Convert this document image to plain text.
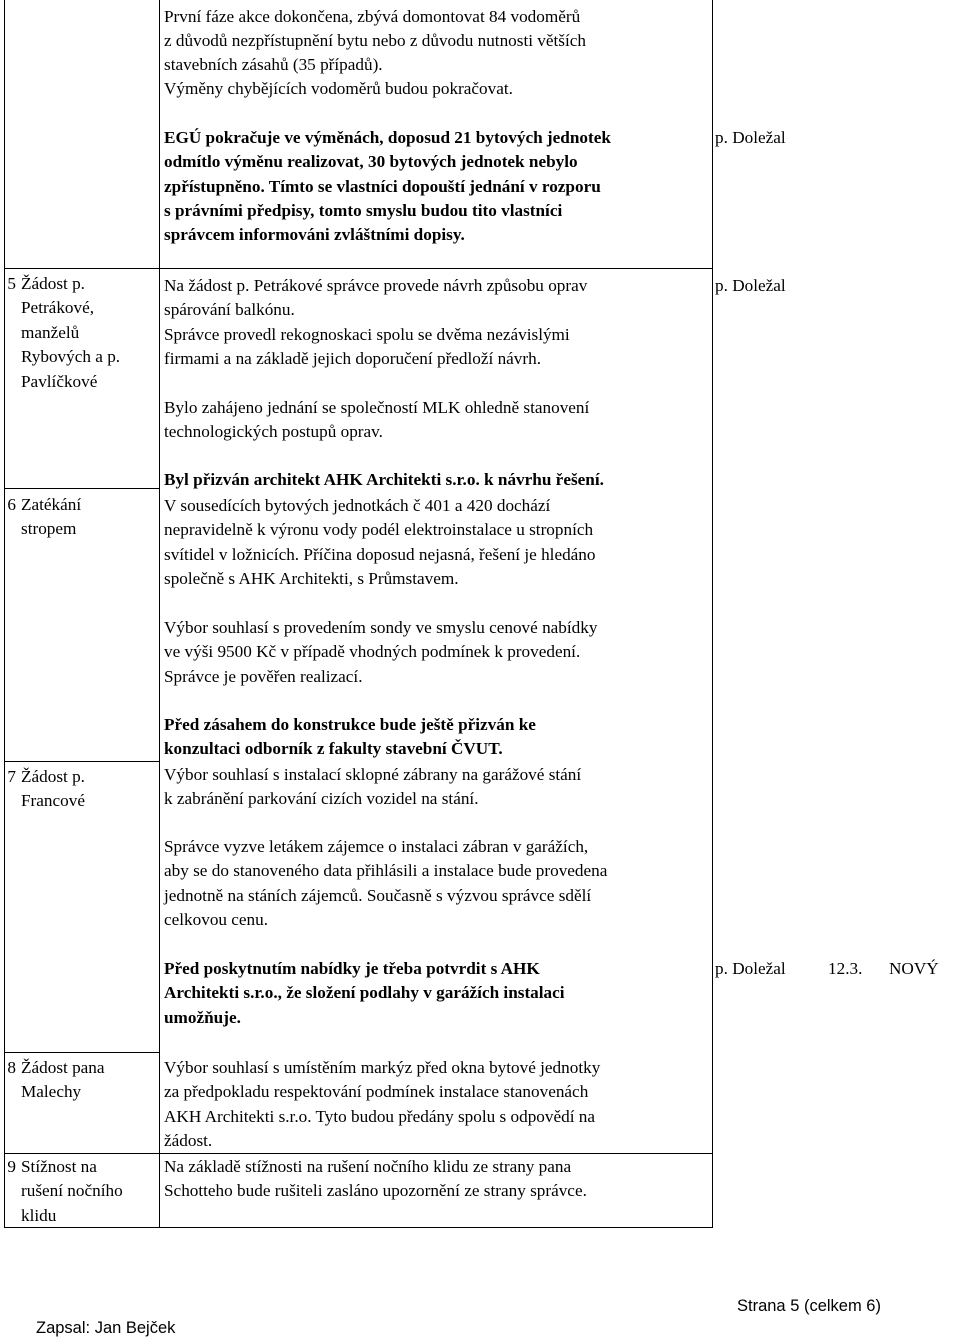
První fáze akce dokončena, zbývá domontovat 84 vodoměrů
z důvodů nezpřístupnění bytu nebo z důvodu nutnosti větších
stavebních zásahů (35 případů).
Výměny chybějících vodoměrů budou pokračovat.

EGÚ pokračuje ve výměnách, doposud 21 bytových jednotek
odmítlo výměnu realizovat, 30 bytových jednotek nebylo
zpřístupněno. Tímto se vlastníci dopouští jednání v rozporu
s právními předpisy, tomto smyslu budou tito vlastníci
správcem informováni zvláštními dopisy.
p. Doležal
5 Žádost p.
Petrákové,
manželů
Rybových a p.
Pavlíčkové
Na žádost p. Petrákové správce provede návrh způsobu oprav
spárování balkónu.
Správce provedl rekognoskaci spolu se dvěma nezávislými
firmami a na základě jejich doporučení předloží návrh.
Bylo zahájeno jednání se společností MLK ohledně stanovení
technologických postupů oprav.
Byl přizván architekt AHK Architekti s.r.o. k návrhu řešení.
p. Doležal
6 Zatékání
stropem
V sousedících bytových jednotkách č 401 a 420 dochází
nepravidelně k výronu vody podél elektroinstalace u stropních
svítidel v ložnicích. Příčina doposud nejasná, řešení je hledáno
společně s AHK Architekti, s Průmstavem.
Výbor souhlasí s provedením sondy ve smyslu cenové nabídky
ve výši 9500 Kč v případě vhodných podmínek k provedení.
Správce je pověřen realizací.
Před zásahem do konstrukce bude ještě přizván ke
konzultaci odborník z fakulty stavební ČVUT.
7 Žádost p.
Francové
Výbor souhlasí s instalací sklopné zábrany na garážové stání
k zabránění parkování cizích vozidel na stání.
Správce vyzve letákem zájemce o instalaci zábran v garážích,
aby se do stanoveného data přihlásili a instalace bude provedena
jednotně na stáních zájemců. Současně s výzvou správce sdělí
celkovou cenu.
Před poskytnutím nabídky je třeba potvrdit s AHK
Architekti s.r.o., že složení podlahy v garážích instalaci
umožňuje.
p. Doležal 12.3. NOVÝ
8 Žádost pana
Malechy
Výbor souhlasí s umístěním markýz před okna bytové jednotky
za předpokladu respektování podmínek instalace stanovenách
AKH Architekti s.r.o. Tyto budou předány spolu s odpovědí na
žádost.
9 Stížnost na
rušení nočního
klidu
Na základě stížnosti na rušení nočního klidu ze strany pana
Schotteho bude rušiteli zasláno upozornění ze strany správce.
Strana 5 (celkem 6)
Zapsal: Jan Bejček
